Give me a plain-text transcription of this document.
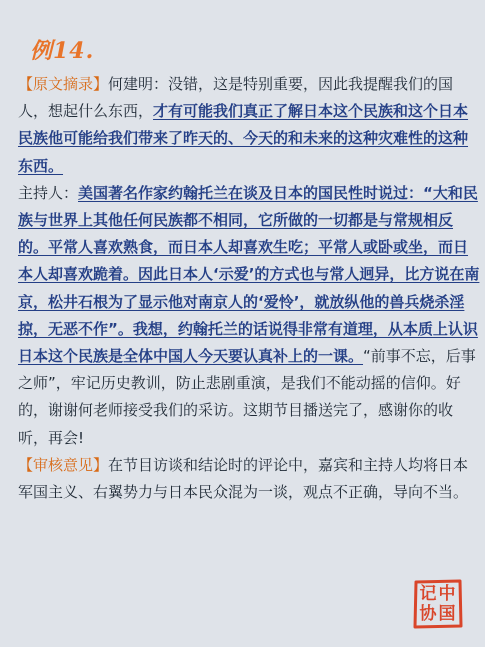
例14.

【原文摘录】何建明：没错，这是特别重要，因此我提醒我们的国人，想起什么东西，才有可能我们真正了解日本这个民族和这个日本民族他可能给我们带来了昨天的、今天的和未来的这种灾难性的这种东西。

主持人：美国著名作家约翰托兰在谈及日本的国民性时说过：“大和民族与世界上其他任何民族都不相同，它所做的一切都是与常规相反的。平常人喜欢熟食，而日本人却喜欢生吃；平常人或卧或坐，而日本人却喜欢跪着。因此日本人‘示爱’的方式也与常人迥异，比方说在南京，松井石根为了显示他对南京人的‘爱怜’，就放纵他的兽兵烧杀淫掠，无恶不作”。我想，约翰托兰的话说得非常有道理，从本质上认识日本这个民族是全体中国人今天要认真补上的一课。“前事不忘，后事之师”，牢记历史教训，防止悲剧重演，是我们不能动摇的信仰。好的，谢谢何老师接受我们的采访。这期节目播送完了，感谢你的收听，再会!

【审核意见】在节目访谈和结论时的评论中，嘉宾和主持人均将日本军国主义、右翼势力与日本民众混为一谈，观点不正确，导向不当。

中
国
记
协
